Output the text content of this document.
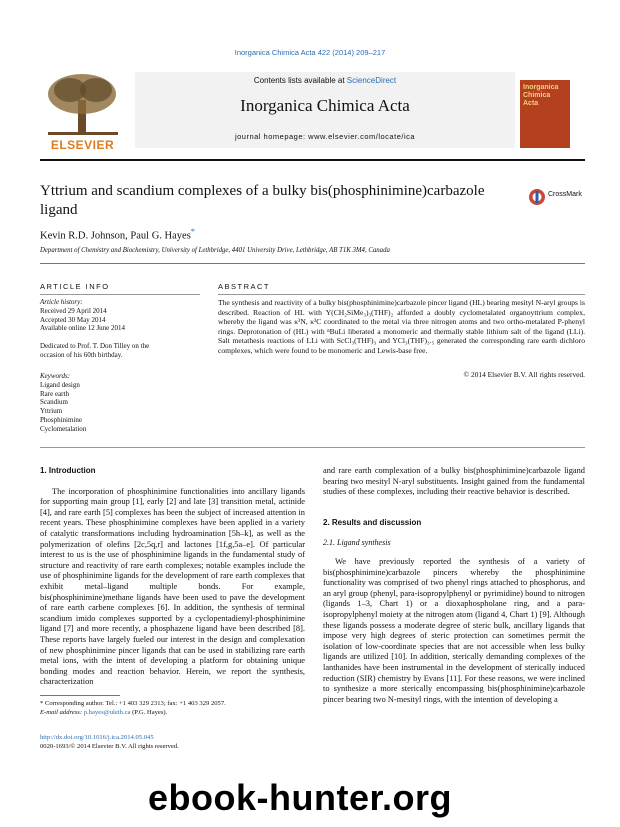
Inorganica Chimica Acta 422 (2014) 209–217
ELSEVIER
Contents lists available at ScienceDirect
Inorganica Chimica Acta
journal homepage: www.elsevier.com/locate/ica
Inorganica Chimica Acta
Yttrium and scandium complexes of a bulky bis(phosphinimine)carbazole ligand
CrossMark
Kevin R.D. Johnson, Paul G. Hayes*
Department of Chemistry and Biochemistry, University of Lethbridge, 4401 University Drive, Lethbridge, AB T1K 3M4, Canada
ARTICLE INFO	ABSTRACT
Article history:
Received 29 April 2014
Accepted 30 May 2014
Available online 12 June 2014
Dedicated to Prof. T. Don Tilley on the occasion of his 60th birthday.
Keywords:
Ligand design
Rare earth
Scandium
Yttrium
Phosphinimine
Cyclometalation
The synthesis and reactivity of a bulky bis(phosphinimine)carbazole pincer ligand (HL) bearing mesityl N-aryl groups is described. Reaction of HL with Y(CH₂SiMe₃)₃(THF)₂ afforded a doubly cyclometalated organoyttrium complex, whereby the ligand was κ³N, κ²C coordinated to the metal via three nitrogen atoms and two ortho-metalated P-phenyl rings. Deprotonation of (HL) with ⁿBuLi liberated a monomeric and thermally stable lithium salt of the ligand (LLi). Salt metathesis reactions of LLi with ScCl₃(THF)₃ and YCl₃(THF)₃.₅ generated the corresponding rare earth dichloro complexes, which were found to be monomeric and Lewis-base free.
© 2014 Elsevier B.V. All rights reserved.
1. Introduction

The incorporation of phosphinimine functionalities into ancillary ligands for supporting main group [1], early [2] and late [3] transition metal, actinide [4], and rare earth [5] complexes has been the subject of increased attention in recent years. These phosphinimine complexes have been applied in a variety of catalytic transformations including hydroamination [5h–k], as well as the polymerization of olefins [2c,5q,r] and lactones [1f,g,5a–e]. Of particular interest to us is the use of phosphinimine ligands in the fundamental study of structure and reactivity of rare earth complexes; notable examples include the use of phosphinimine ligands for the development of rare earth complexes that exhibit metal–ligand multiple bonds. For example, bis(phosphinimine)methane ligands have been used to pave the development of rare earth carbene complexes [6]. In addition, the synthesis of terminal scandium imido complexes supported by a cyclopentadienyl-phosphinimine ligand [7] and more recently, a phosphazene ligand have been described [8]. These reports have largely fueled our interest in the design and complexation of new phosphinimine pincer ligands that can be used in stabilizing rare earth metal ions, with the intent of developing a platform for obtaining unique bonding modes and reaction behavior. Herein, we report the synthesis, characterization

and rare earth complexation of a bulky bis(phosphinimine)carbazole ligand bearing two mesityl N-aryl substituents. Insight gained from the fundamental studies of these complexes, including their reactive behavior is described.

2. Results and discussion
2.1. Ligand synthesis

We have previously reported the synthesis of a variety of bis(phosphinimine)carbazole pincers whereby the phosphinimine functionality was comprised of two phenyl rings attached to phosphorus, and an aryl group (phenyl, para-isopropylphenyl or pyrimidine) bound to nitrogen (ligands 1–3, Chart 1) or a dioxaphospholane ring, and a para-isopropylphenyl moiety at the nitrogen atom (ligand 4, Chart 1) [9]. Although these ligands possess a moderate degree of steric bulk, ancillary ligands that impose very high degrees of steric protection can sometimes permit the isolation of low-coordinate species that are not accessible when less bulky ligands are utilized [10]. In addition, sterically demanding complexes of the lanthanides have been instrumental in the development of sterically induced reduction (SIR) chemistry by Evans [11]. For these reasons, we were inclined to synthesize a more sterically encompassing bis(phosphinimine)carbazole pincer bearing two N-mesityl rings, with the intention of developing a

* Corresponding author. Tel.: +1 403 329 2313; fax: +1 403 329 2057.
E-mail address: p.hayes@uleth.ca (P.G. Hayes).
http://dx.doi.org/10.1016/j.ica.2014.05.045
0020-1693/© 2014 Elsevier B.V. All rights reserved.
ebook-hunter.org
